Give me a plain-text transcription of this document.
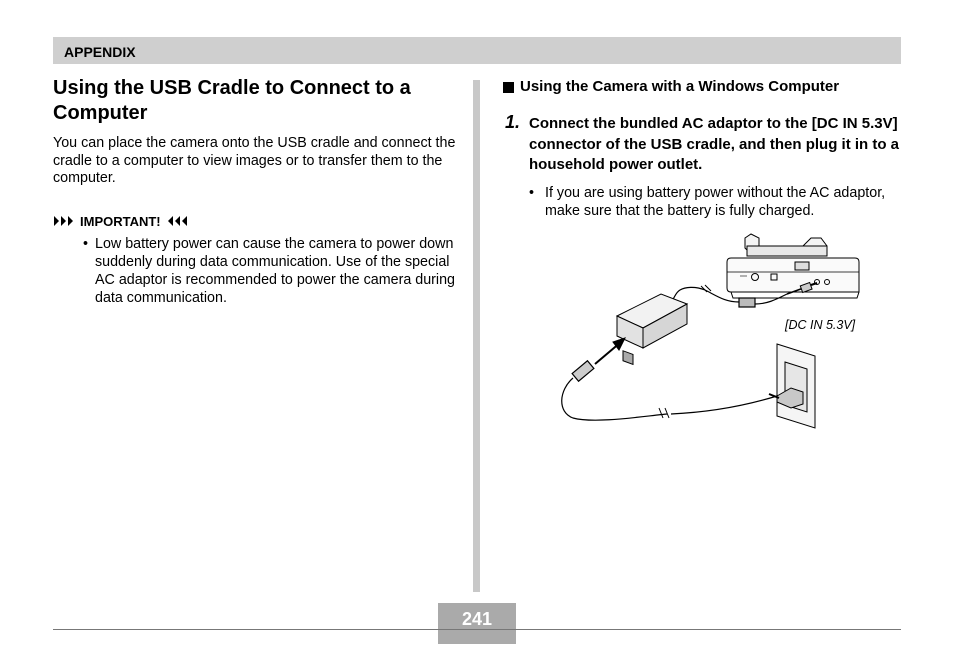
APPENDIX
Using the USB Cradle to Connect to a Computer
You can place the camera onto the USB cradle and connect the cradle to a computer to view images or to transfer them to the computer.
IMPORTANT!
• Low battery power can cause the camera to power down suddenly during data communication. Use of the special AC adaptor is recommended to power the camera during data communication.
Using the Camera with a Windows Computer
1. Connect the bundled AC adaptor to the [DC IN 5.3V] connector of the USB cradle, and then plug it in to a household power outlet.
• If you are using battery power without the AC adaptor, make sure that the battery is fully charged.
[DC IN 5.3V]
241
